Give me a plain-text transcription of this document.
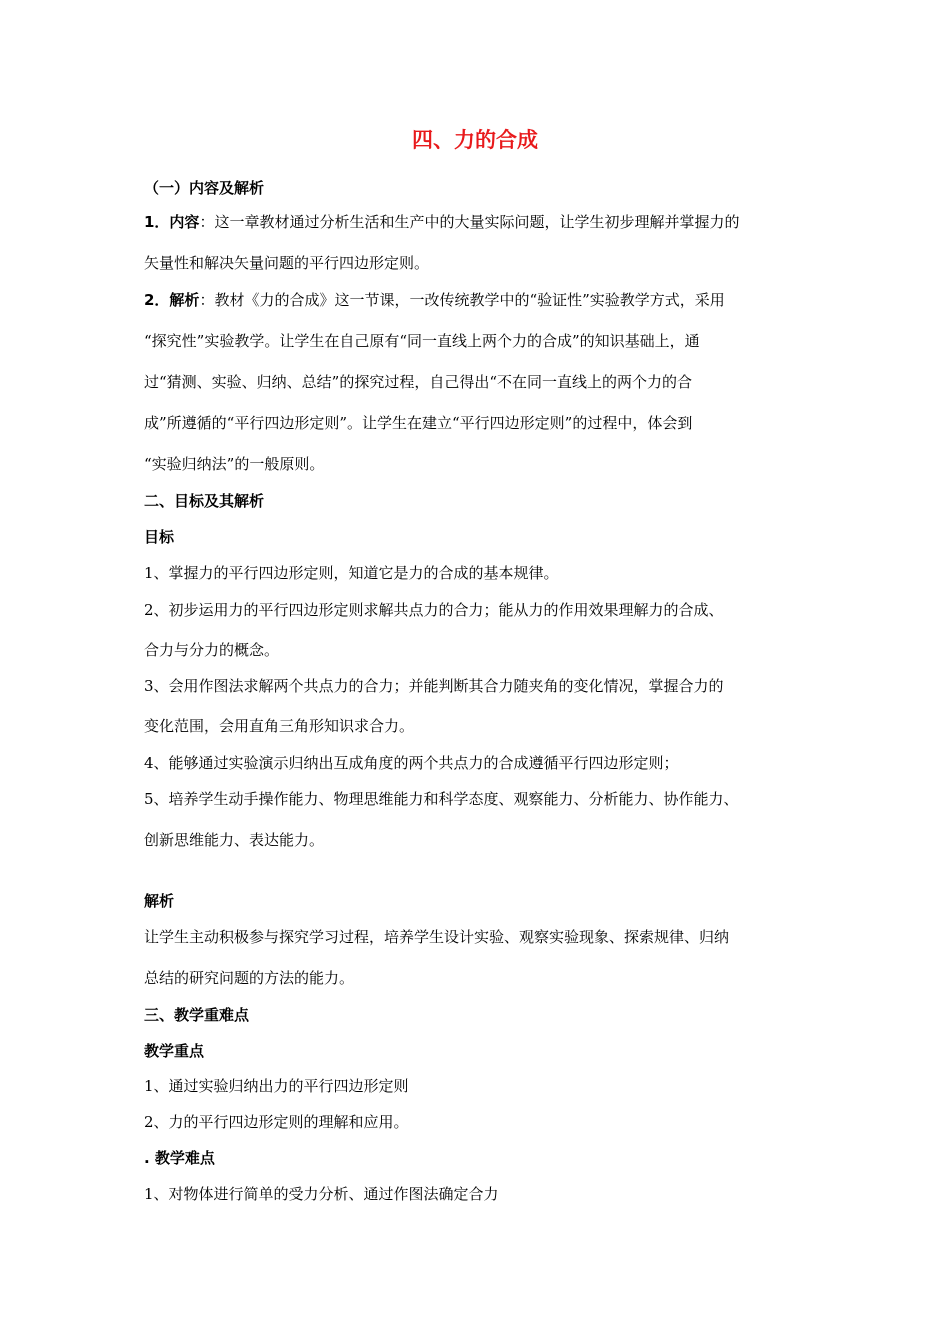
四、力的合成
（一）内容及解析
1．内容：这一章教材通过分析生活和生产中的大量实际问题，让学生初步理解并掌握力的
矢量性和解决矢量问题的平行四边形定则。
2．解析：教材《力的合成》这一节课，一改传统教学中的“验证性”实验教学方式，采用
“探究性”实验教学。让学生在自己原有“同一直线上两个力的合成”的知识基础上，通
过“猜测、实验、归纳、总结”的探究过程，自己得出“不在同一直线上的两个力的合
成”所遵循的“平行四边形定则”。让学生在建立“平行四边形定则”的过程中，体会到
“实验归纳法”的一般原则。
二、目标及其解析
目标
1、掌握力的平行四边形定则，知道它是力的合成的基本规律。
2、初步运用力的平行四边形定则求解共点力的合力；能从力的作用效果理解力的合成、
合力与分力的概念。
3、会用作图法求解两个共点力的合力；并能判断其合力随夹角的变化情况，掌握合力的
变化范围，会用直角三角形知识求合力。
4、能够通过实验演示归纳出互成角度的两个共点力的合成遵循平行四边形定则；
5、培养学生动手操作能力、物理思维能力和科学态度、观察能力、分析能力、协作能力、
创新思维能力、表达能力。
解析
让学生主动积极参与探究学习过程，培养学生设计实验、观察实验现象、探索规律、归纳
总结的研究问题的方法的能力。
三、教学重难点
教学重点
1、通过实验归纳出力的平行四边形定则
2、力的平行四边形定则的理解和应用。
. 教学难点
1、对物体进行简单的受力分析、通过作图法确定合力
